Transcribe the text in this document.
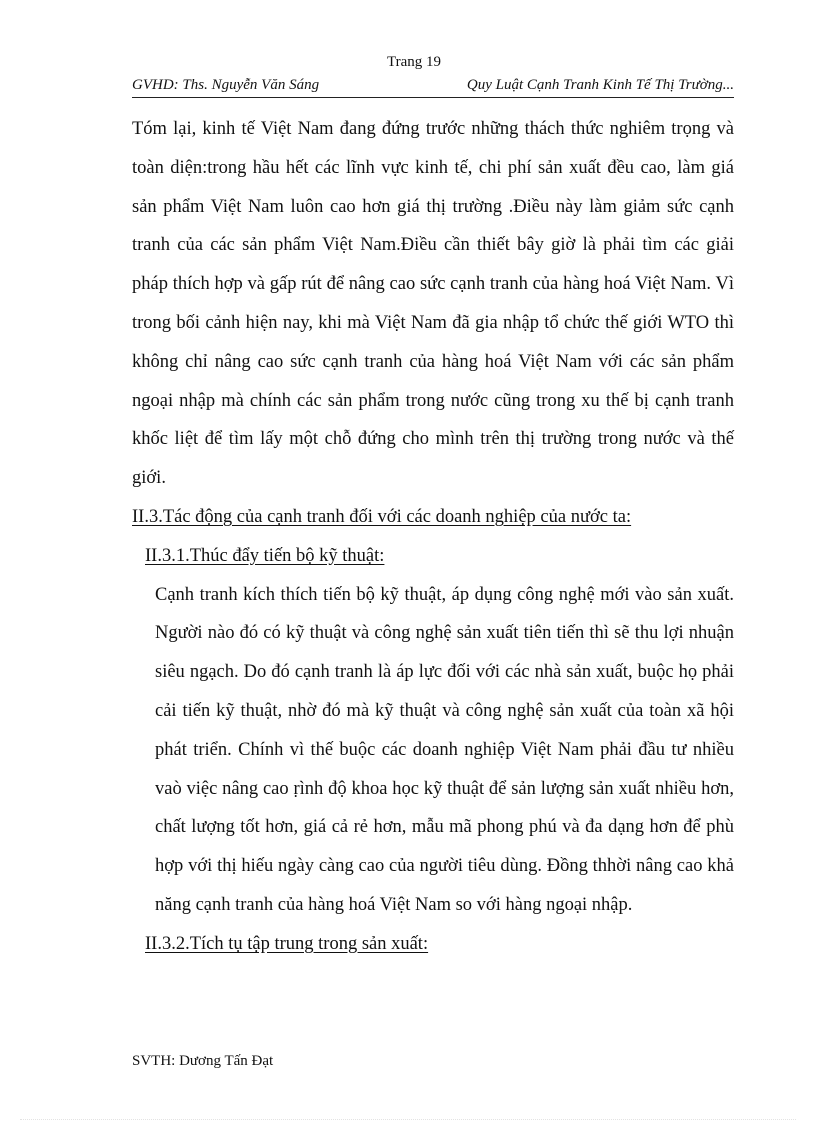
Trang 19
GVHD: Ths. Nguyễn Văn Sáng	Quy Luật Cạnh Tranh Kinh Tế Thị Trường...

Tóm lại, kinh tế Việt Nam đang đứng trước những thách thức nghiêm trọng và toàn diện:trong hầu hết các lĩnh vực kinh tế, chi phí sản xuất đều cao, làm giá sản phẩm Việt Nam luôn cao hơn giá thị trường .Điều này làm giảm sức cạnh tranh của các sản phẩm Việt Nam.Điều cần thiết bây giờ là phải tìm các giải pháp thích hợp và gấp rút để nâng cao sức cạnh tranh của hàng hoá Việt Nam. Vì trong bối cảnh hiện nay, khi mà Việt Nam đã gia nhập tổ chức thế giới WTO thì không chỉ nâng cao sức cạnh tranh của hàng hoá Việt Nam với các sản phẩm ngoại nhập mà chính các sản phẩm trong nước cũng trong xu thế bị cạnh tranh khốc liệt để tìm lấy một chỗ đứng cho mình trên thị trường trong nước và thế giới.

II.3.Tác động của cạnh tranh đối với các doanh nghiệp của nước ta:

II.3.1.Thúc đẩy tiến bộ kỹ thuật:

Cạnh tranh kích thích tiến bộ kỹ thuật, áp dụng công nghệ mới vào sản xuất. Người nào đó có kỹ thuật và công nghệ sản xuất tiên tiến thì sẽ thu lợi nhuận siêu ngạch. Do đó cạnh tranh là áp lực đối với các nhà sản xuất, buộc họ phải cải tiến kỹ thuật, nhờ đó mà kỹ thuật và công nghệ sản xuất của toàn xã hội phát triển. Chính vì thế buộc các doanh nghiệp Việt Nam phải đầu tư nhiều vaò việc nâng cao ṛình độ khoa học kỹ thuật để sản lượng sản xuất nhiều hơn, chất lượng tốt hơn, giá cả rẻ hơn, mẫu mã phong phú và đa dạng hơn để phù hợp với thị hiếu ngày càng cao của người tiêu dùng. Đồng thhời nâng cao khả năng cạnh tranh của hàng hoá Việt Nam so với hàng ngoại nhập.

II.3.2.Tích tụ tập trung trong sản xuất:

SVTH: Dương Tấn Đạt
